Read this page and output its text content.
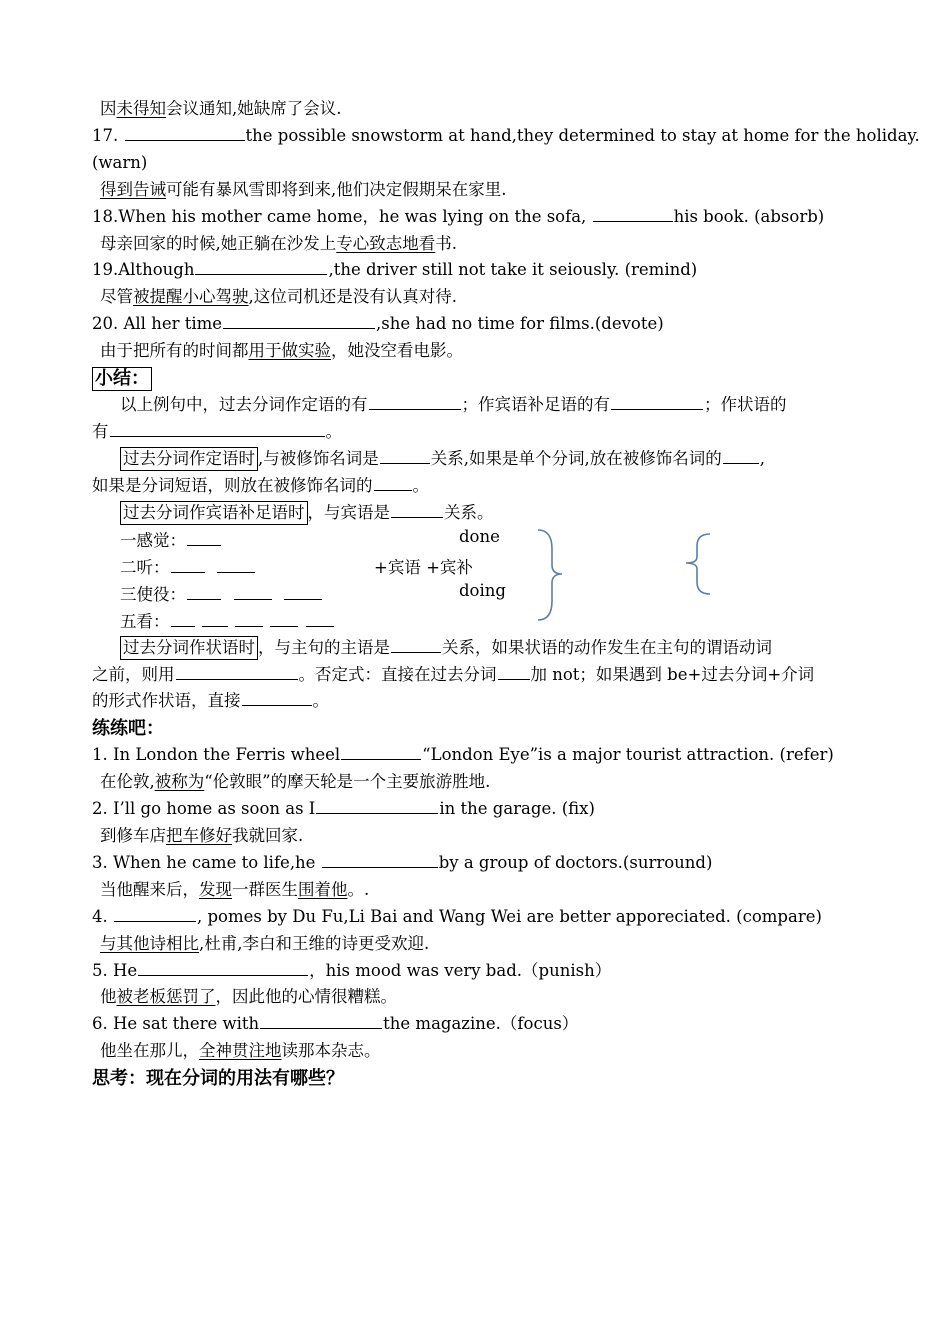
因未得知会议通知,她缺席了会议.
17.	the possible snowstorm at hand,they determined to stay at home for the holiday.
(warn)
得到告诫可能有暴风雪即将到来,他们决定假期呆在家里.
18.When his mother came home，he was lying on the sofa,	his book. (absorb)
母亲回家的时候,她正躺在沙发上专心致志地看书.
19.Although	,the driver still not take it seiously. (remind)
尽管被提醒小心驾驶,这位司机还是没有认真对待.
20. All her time	,she had no time for films.(devote)
由于把所有的时间都用于做实验，她没空看电影。
小结：
以上例句中，过去分词作定语的有	；作宾语补足语的有	；作状语的
有	。
过去分词作定语时 ,与被修饰名词是	关系,如果是单个分词,放在被修饰名词的 ,
如果是分词短语，则放在被修饰名词的 。
过去分词作宾语补足语时 ，与宾语是	关系。
一感觉：
二听：
三使役：
五看：
+宾语 +宾补
done
doing
过去分词作状语时 ，与主句的主语是	关系，如果状语的动作发生在主句的谓语动词
之前，则用	。否定式：直接在过去分词 加 not；如果遇到 be+过去分词+介词
的形式作状语，直接	。
练练吧：
1. In London the Ferris wheel	“London Eye”is a major tourist attraction. (refer)
在伦敦,被称为“伦敦眼”的摩天轮是一个主要旅游胜地.
2. I’ll go home as soon as I	in the garage. (fix)
到修车店把车修好我就回家.
3. When he came to life,he	by a group of doctors.(surround)
当他醒来后，发现一群医生围着他。.
4.	, pomes by Du Fu,Li Bai and Wang Wei are better apporeciated. (compare)
与其他诗相比,杜甫,李白和王维的诗更受欢迎.
5. He	，his mood was very bad.（punish）
他被老板惩罚了，因此他的心情很糟糕。
6. He sat there with	the magazine.（focus）
他坐在那儿，全神贯注地读那本杂志。
思考：现在分词的用法有哪些？
